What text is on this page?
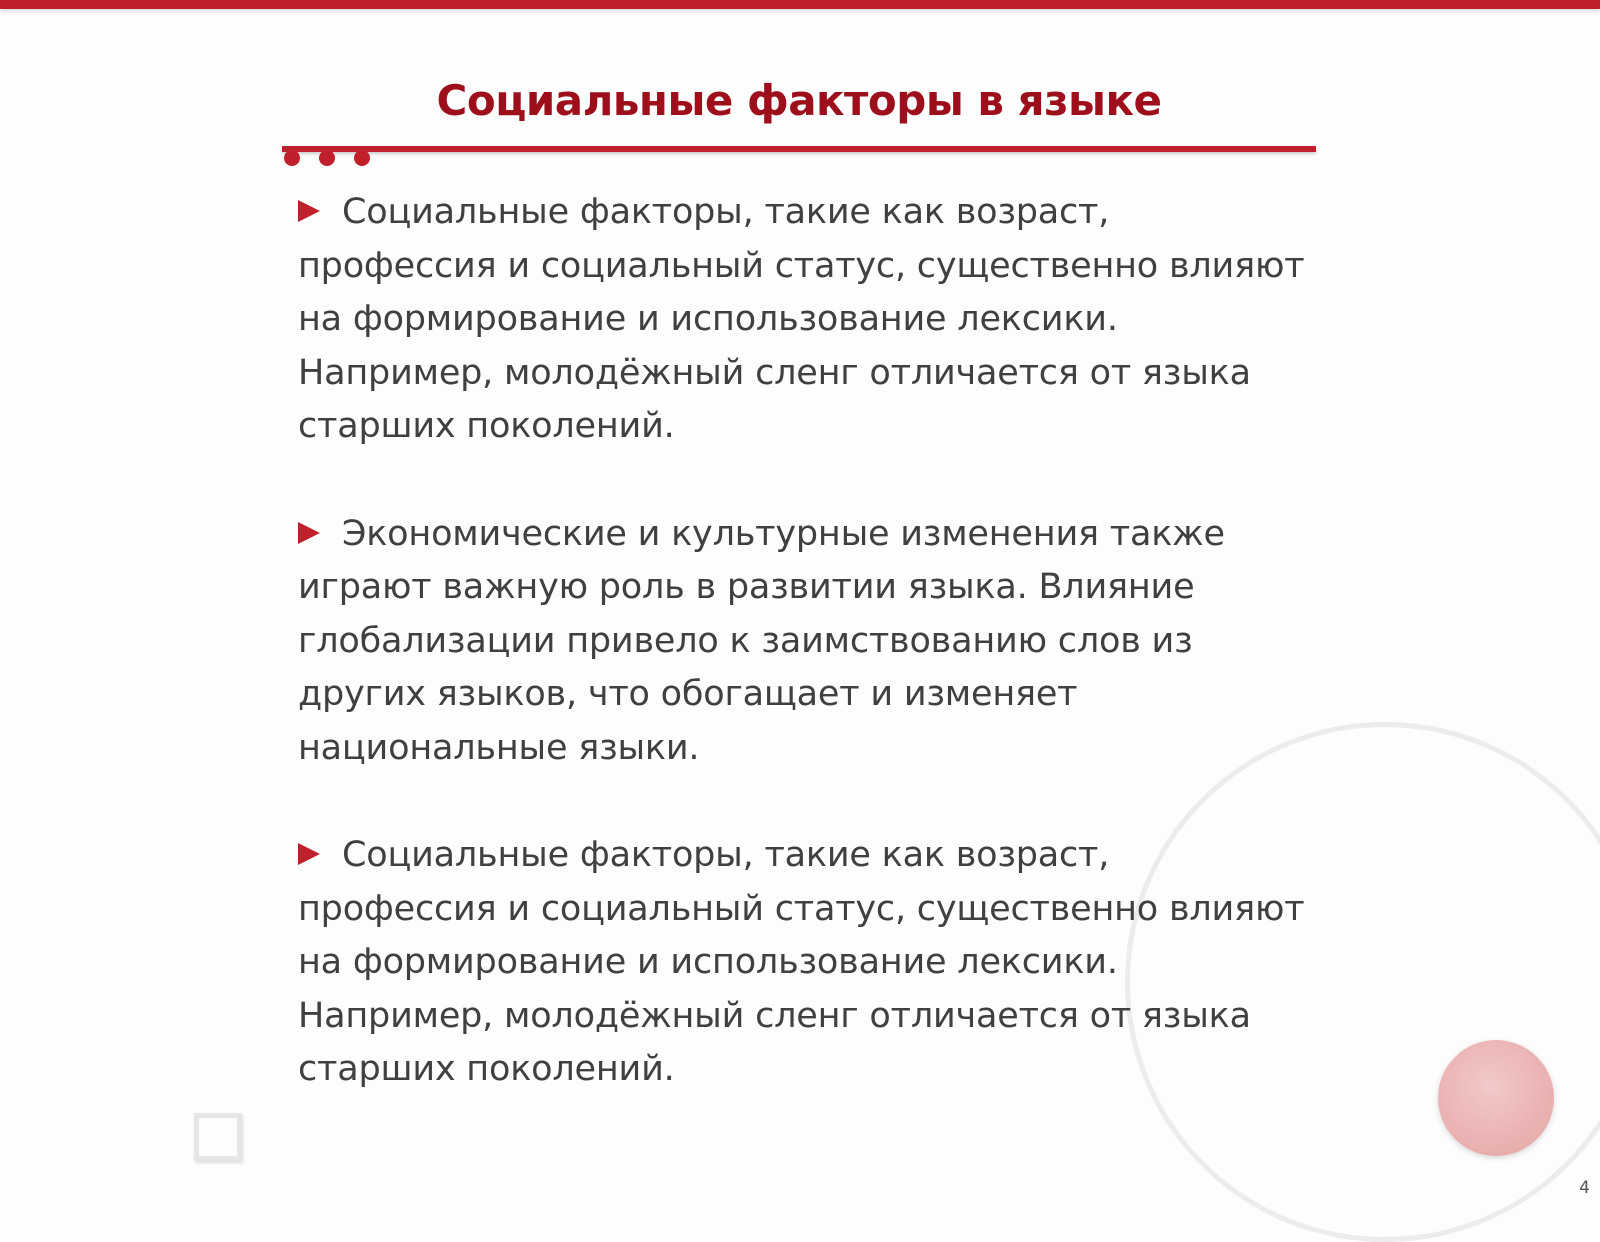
Социальные факторы в языке

Социальные факторы, такие как возраст, профессия и социальный статус, существенно влияют на формирование и использование лексики. Например, молодёжный сленг отличается от языка старших поколений.

Экономические и культурные изменения также играют важную роль в развитии языка. Влияние глобализации привело к заимствованию слов из других языков, что обогащает и изменяет национальные языки.

Социальные факторы, такие как возраст, профессия и социальный статус, существенно влияют на формирование и использование лексики. Например, молодёжный сленг отличается от языка старших поколений.

4
